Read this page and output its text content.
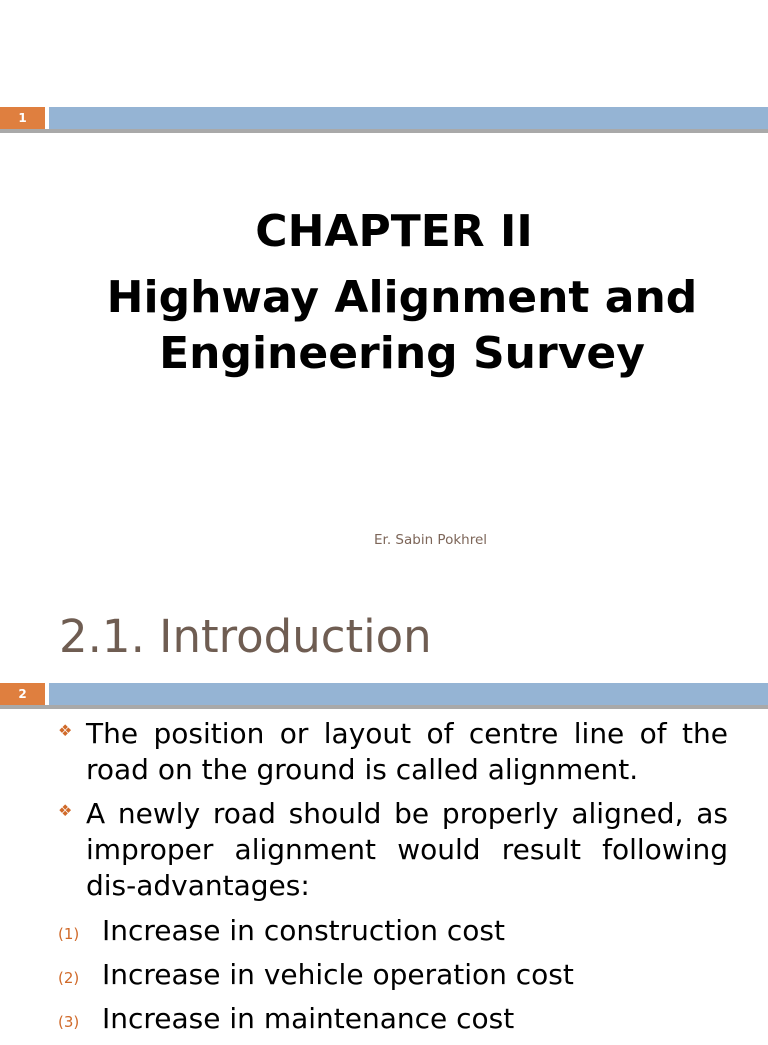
1
CHAPTER II
Highway Alignment and
Engineering Survey
Er. Sabin Pokhrel
2.1. Introduction
2
❖ The position or layout of centre line of the road on the ground is called alignment.
❖ A newly road should be properly aligned, as improper alignment would result following dis-advantages:
(1) Increase in construction cost
(2) Increase in vehicle operation cost
(3) Increase in maintenance cost
